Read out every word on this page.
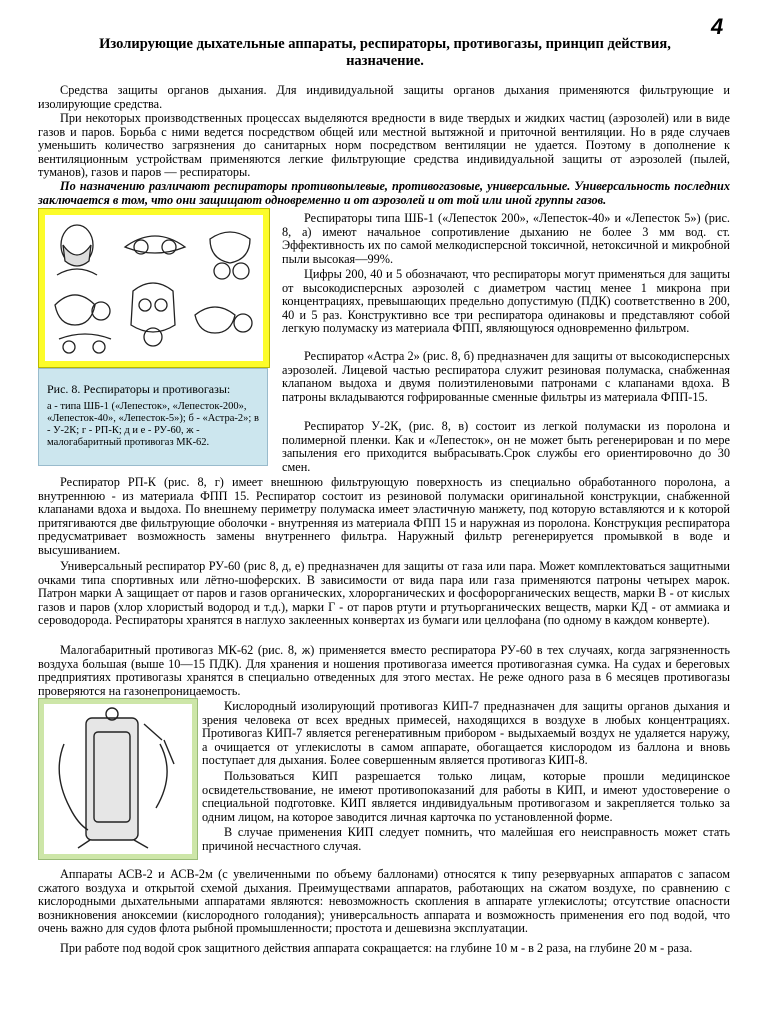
4
Изолирующие дыхательные аппараты, респираторы, противогазы, принцип действия, назначение.

Средства защиты органов дыхания. Для индивидуальной защиты органов дыхания применяются фильтрующие и изолирующие средства.

При некоторых производственных процессах выделяются вредности в виде твердых и жидких частиц (аэрозолей) или в виде газов и паров. Борьба с ними ведется посредством общей или местной вытяжной и приточной вентиляции. Но в ряде случаев уменьшить количество загрязнения до санитарных норм посредством вентиляции не удается. Поэтому в дополнение к вентиляционным устройствам применяются легкие фильтрующие средства индивидуальной защиты от аэрозолей (пылей, туманов), газов и паров — респираторы.

По назначению различают респираторы противопылевые, противогазовые, универсальные. Универсальность последних заключается в том, что они защищают одновременно и от аэрозолей и от той или иной группы газов.

Рис. 8. Респираторы и противогазы:
а - типа ШБ-1 («Лепесток», «Лепесток-200», «Лепесток-40», «Лепесток-5»); б - «Астра-2»; в - У-2К; г - РП-К; д и е - РУ-60, ж - малогабаритный противогаз МК-62.

Респираторы типа ШБ-1 («Лепесток 200», «Лепесток-40» и «Лепесток 5») (рис. 8, а) имеют начальное сопротивление дыханию не более 3 мм вод. ст. Эффективность их по самой мелкодисперсной токсичной, нетоксичной и микробной пыли высокая—99%.

Цифры 200, 40 и 5 обозначают, что респираторы могут применяться для защиты от высокодисперсных аэрозолей с диаметром частиц менее 1 микрона при концентрациях, превышающих предельно допустимую (ПДК) соответственно в 200, 40 и 5 раз. Конструктивно все три респиратора одинаковы и представляют собой легкую полумаску из материала ФПП, являющуюся одновременно фильтром.

Респиратор «Астра 2» (рис. 8, б) предназначен для защиты от высокодисперсных аэрозолей. Лицевой частью респиратора служит резиновая полумаска, снабженная клапаном выдоха и двумя полиэтиленовыми патронами с клапанами вдоха. В патроны вкладываются гофрированные сменные фильтры из материала ФПП-15.

Респиратор У-2К, (рис. 8, в) состоит из легкой полумаски из поролона и полимерной пленки. Как и «Лепесток», он не может быть регенерирован и по мере запыления его приходится выбрасывать.Срок службы его ориентировочно до 30 смен.

Респиратор РП-К (рис. 8, г) имеет внешнюю фильтрующую поверхность из специально обработанного поролона, а внутреннюю - из материала ФПП 15. Респиратор состоит из резиновой полумаски оригинальной конструкции, снабженной клапанами вдоха и выдоха. По внешнему периметру полумаска имеет эластичную манжету, под которую вставляются и к которой притягиваются две фильтрующие оболочки - внутренняя из материала ФПП 15 и наружная из поролона. Конструкция респиратора предусматривает возможность замены внутреннего фильтра. Наружный фильтр регенерируется промывкой в воде и высушиванием.

Универсальный респиратор РУ-60 (рис 8, д, е) предназначен для защиты от газа или пара. Может комплектоваться защитными очками типа спортивных или лётно-шоферских. В зависимости от вида пара или газа применяются патроны четырех марок. Патрон марки А защищает от паров и газов органических, хлорорганических и фосфорорганических веществ, марки В - от кислых газов и паров (хлор хлористый водород и т.д.), марки Г - от паров ртути и ртутьорганических веществ, марки КД - от аммиака и сероводорода. Респираторы хранятся в наглухо заклеенных конвертах из бумаги или целлофана (по одному в каждом конверте).

Малогабаритный противогаз МК-62 (рис. 8, ж) применяется вместо респиратора РУ-60 в тех случаях, когда загрязненность воздуха большая (выше 10—15 ПДК). Для хранения и ношения противогаза имеется противогазная сумка. На судах и береговых предприятиях противогазы хранятся в специально отведенных для этого местах. Не реже одного раза в 6 месяцев противогазы проверяются на газонепроницаемость.

Кислородный изолирующий противогаз КИП-7 предназначен для защиты органов дыхания и зрения человека от всех вредных примесей, находящихся в воздухе в любых концентрациях. Противогаз КИП-7 является регенеративным прибором - выдыхаемый воздух не удаляется наружу, а очищается от углекислоты в самом аппарате, обогащается кислородом из баллона и вновь поступает для дыхания. Более совершенным является противогаз КИП-8.

Пользоваться КИП разрешается только лицам, которые прошли медицинское освидетельствование, не имеют противопоказаний для работы в КИП, и имеют удостоверение о специальной подготовке. КИП является индивидуальным противогазом и закрепляется только за одним лицом, на которое заводится личная карточка по установленной форме.

В случае применения КИП следует помнить, что малейшая его неисправность может стать причиной несчастного случая.

Аппараты АСВ-2 и АСВ-2м (с увеличенными по объему баллонами) относятся к типу резервуарных аппаратов с запасом сжатого воздуха и открытой схемой дыхания. Преимуществами аппаратов, работающих на сжатом воздухе, по сравнению с кислородными дыхательными аппаратами являются: невозможность скопления в аппарате углекислоты; отсутствие опасности возникновения аноксемии (кислородного голодания); универсальность аппарата и возможность применения его под водой, что очень важно для судов флота рыбной промышленности; простота и дешевизна эксплуатации.

При работе под водой срок защитного действия аппарата сокращается: на глубине 10 м - в 2 раза, на глубине 20 м - раза.
